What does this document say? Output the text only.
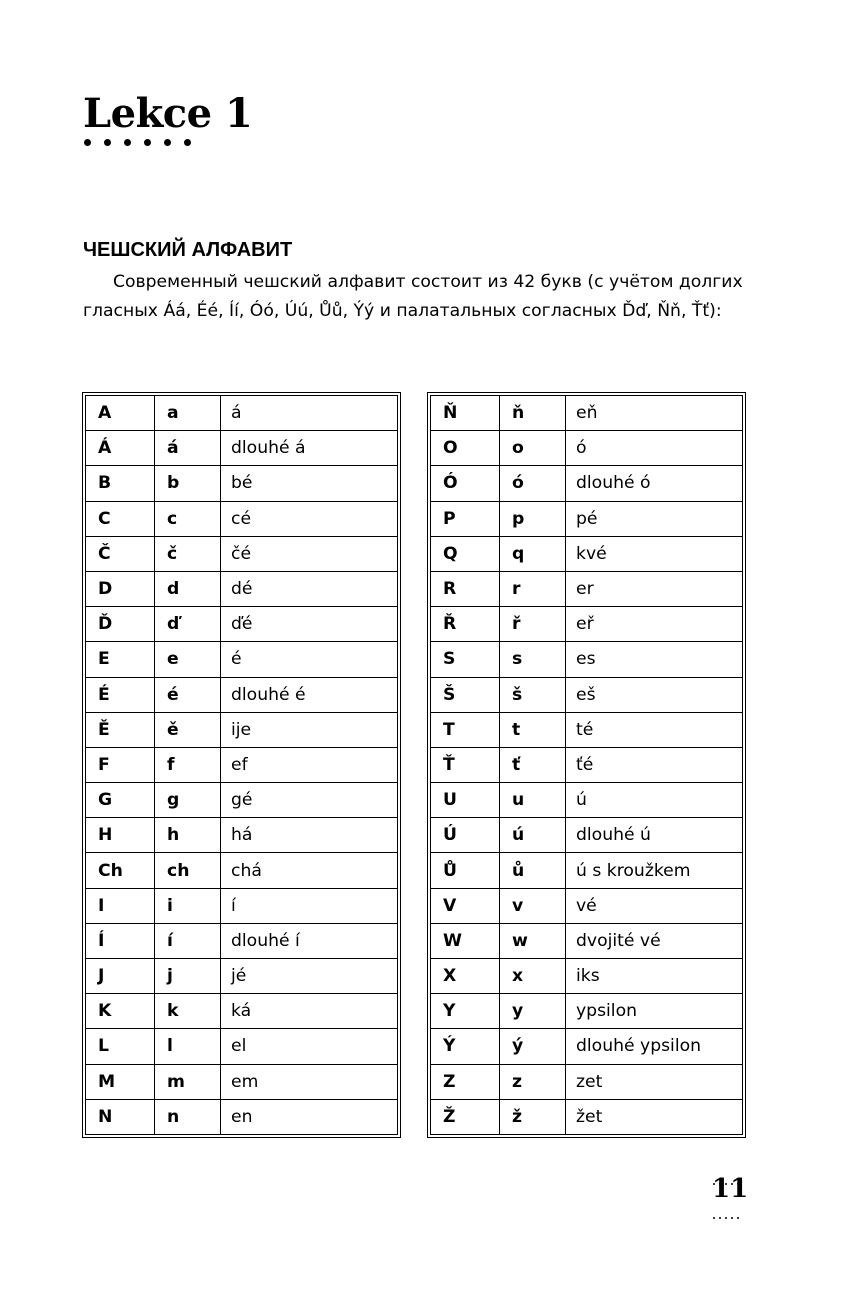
Lekce 1
ЧЕШСКИЙ АЛФАВИТ

Современный чешский алфавит состоит из 42 букв (с учётом долгих гласных Áá, Éé, Íí, Óó, Úú, Ůů, Ýý и палатальных согласных Ďď, Ňň, Ťť):

A	a	á
Á	á	dlouhé á
B	b	bé
C	c	cé
Č	č	čé
D	d	dé
Ď	ď	ďé
E	e	é
É	é	dlouhé é
Ě	ě	ije
F	f	ef
G	g	gé
H	h	há
Ch	ch	chá
I	i	í
Í	í	dlouhé í
J	j	jé
K	k	ká
L	l	el
M	m	em
N	n	en
Ň	ň	eň
O	o	ó
Ó	ó	dlouhé ó
P	p	pé
Q	q	kvé
R	r	er
Ř	ř	eř
S	s	es
Š	š	eš
T	t	té
Ť	ť	ťé
U	u	ú
Ú	ú	dlouhé ú
Ů	ů	ú s kroužkem
V	v	vé
W	w	dvojité vé
X	x	iks
Y	y	ypsilon
Ý	ý	dlouhé ypsilon
Z	z	zet
Ž	ž	žet
11
